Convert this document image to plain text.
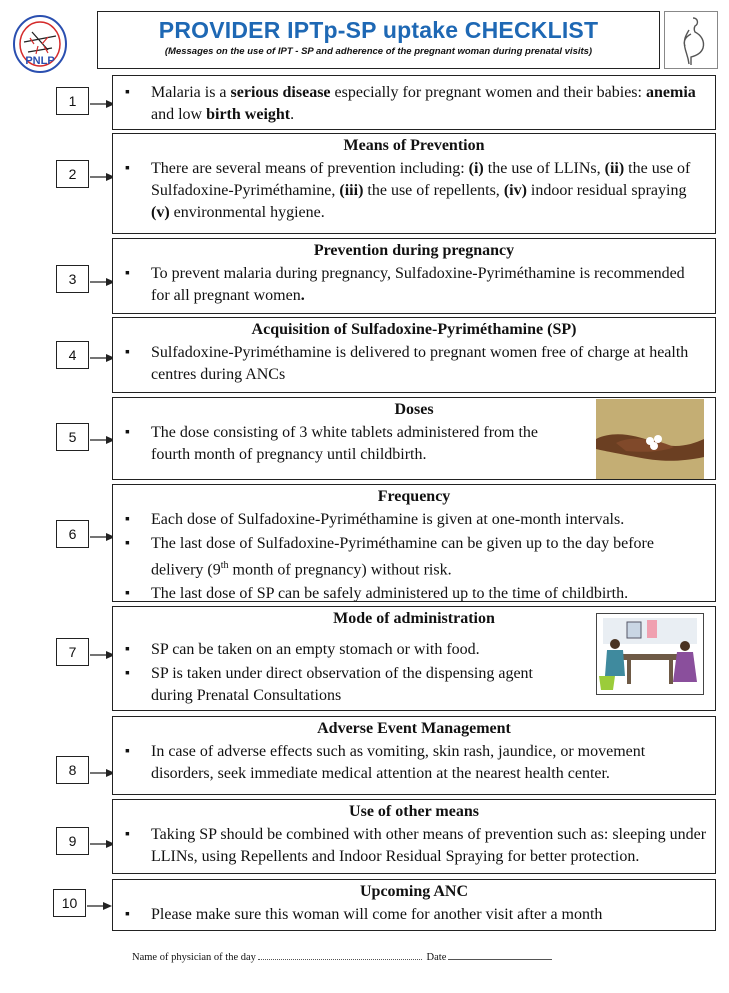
PNLP
PROVIDER IPTp-SP uptake CHECKLIST
(Messages on the use of IPT - SP and adherence of the pregnant woman during prenatal visits)
1
▪	Malaria is a serious disease especially for pregnant women and their babies: anemia and low birth weight.
2
Means of Prevention
▪ There are several means of prevention including: (i) the use of LLINs, (ii) the use of Sulfadoxine-Pyriméthamine, (iii) the use of repellents, (iv) indoor residual spraying (v) environmental hygiene.
3
Prevention during pregnancy
▪ To prevent malaria during pregnancy, Sulfadoxine-Pyriméthamine is recommended for all pregnant women.
4
Acquisition of Sulfadoxine-Pyriméthamine (SP)
▪ Sulfadoxine-Pyriméthamine is delivered to pregnant women free of charge at health centres during ANCs
5
Doses
▪ The dose consisting of 3 white tablets administered from the fourth month of pregnancy until childbirth.
6
Frequency
▪ Each dose of Sulfadoxine-Pyriméthamine is given at one-month intervals.
▪ The last dose of Sulfadoxine-Pyriméthamine can be given up to the day before delivery (9th month of pregnancy) without risk.
▪ The last dose of SP can be safely administered up to the time of childbirth.
7
Mode of administration
▪ SP can be taken on an empty stomach or with food.
▪ SP is taken under direct observation of the dispensing agent during Prenatal Consultations
8
Adverse Event Management
▪ In case of adverse effects such as vomiting, skin rash, jaundice, or movement disorders, seek immediate medical attention at the nearest health center.
9
Use of other means
▪ Taking SP should be combined with other means of prevention such as: sleeping under LLINs, using Repellents and Indoor Residual Spraying for better protection.
10
Upcoming ANC
▪ Please make sure this woman will come for another visit after a month
Name of physician of the day	Date
